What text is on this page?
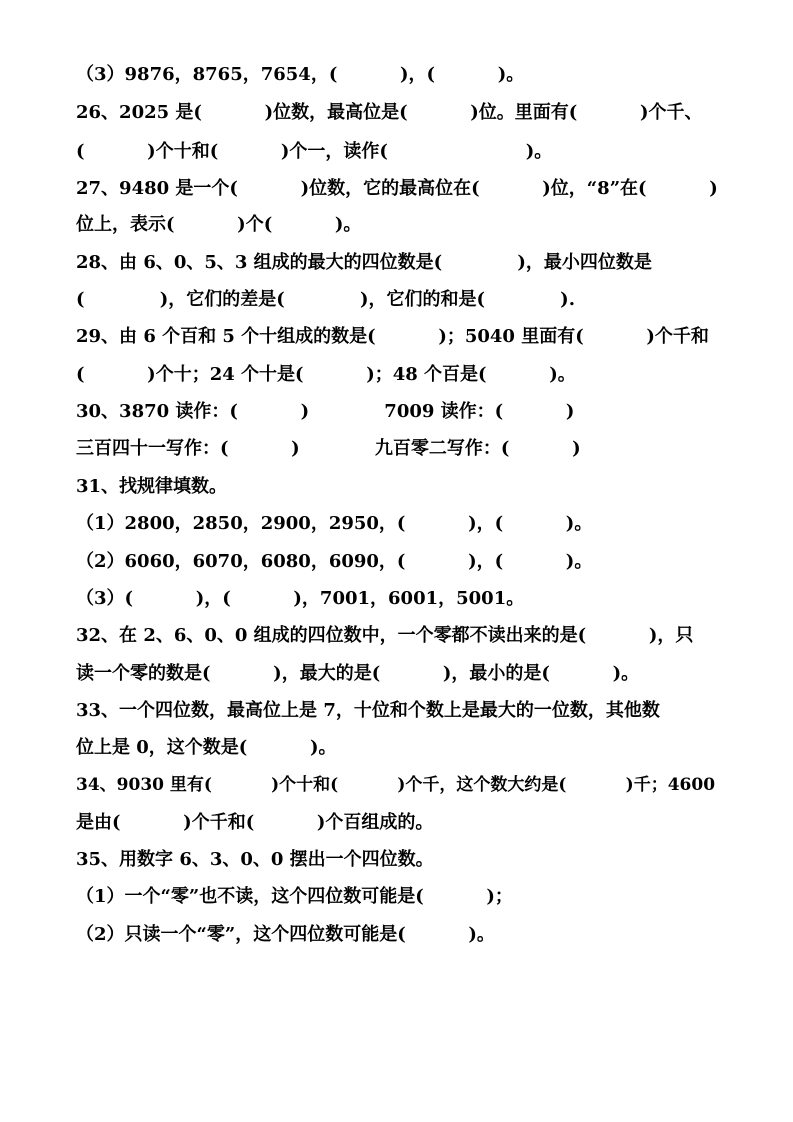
（3）9876，8765，7654，(          )，(          )。
26、2025 是(          )位数，最高位是(          )位。里面有(          )个千、
(          )个十和(          )个一，读作(                      )。
27、9480 是一个(          )位数，它的最高位在(          )位，“8”在(          )
位上，表示(          )个(          )。
28、由 6、0、5、3 组成的最大的四位数是(            )，最小四位数是
(            )，它们的差是(            )，它们的和是(            ).
29、由 6 个百和 5 个十组成的数是(          )；5040 里面有(          )个千和
(          )个十；24 个十是(          )；48 个百是(          )。
30、3870 读作：(          )            7009 读作：(          )
三百四十一写作：(          )            九百零二写作：(          )
31、找规律填数。
（1）2800，2850，2900，2950，(          )，(          )。
（2）6060，6070，6080，6090，(          )，(          )。
（3）(          )，(          )，7001，6001，5001。
32、在 2、6、0、0 组成的四位数中，一个零都不读出来的是(          )，只
读一个零的数是(          )，最大的是(          )，最小的是(          )。
33、一个四位数，最高位上是 7，十位和个数上是最大的一位数，其他数
位上是 0，这个数是(          )。
34、9030 里有(          )个十和(          )个千，这个数大约是(          )千；4600
是由(          )个千和(          )个百组成的。
35、用数字 6、3、0、0 摆出一个四位数。
（1）一个“零”也不读，这个四位数可能是(          )；
（2）只读一个“零”，这个四位数可能是(          )。
